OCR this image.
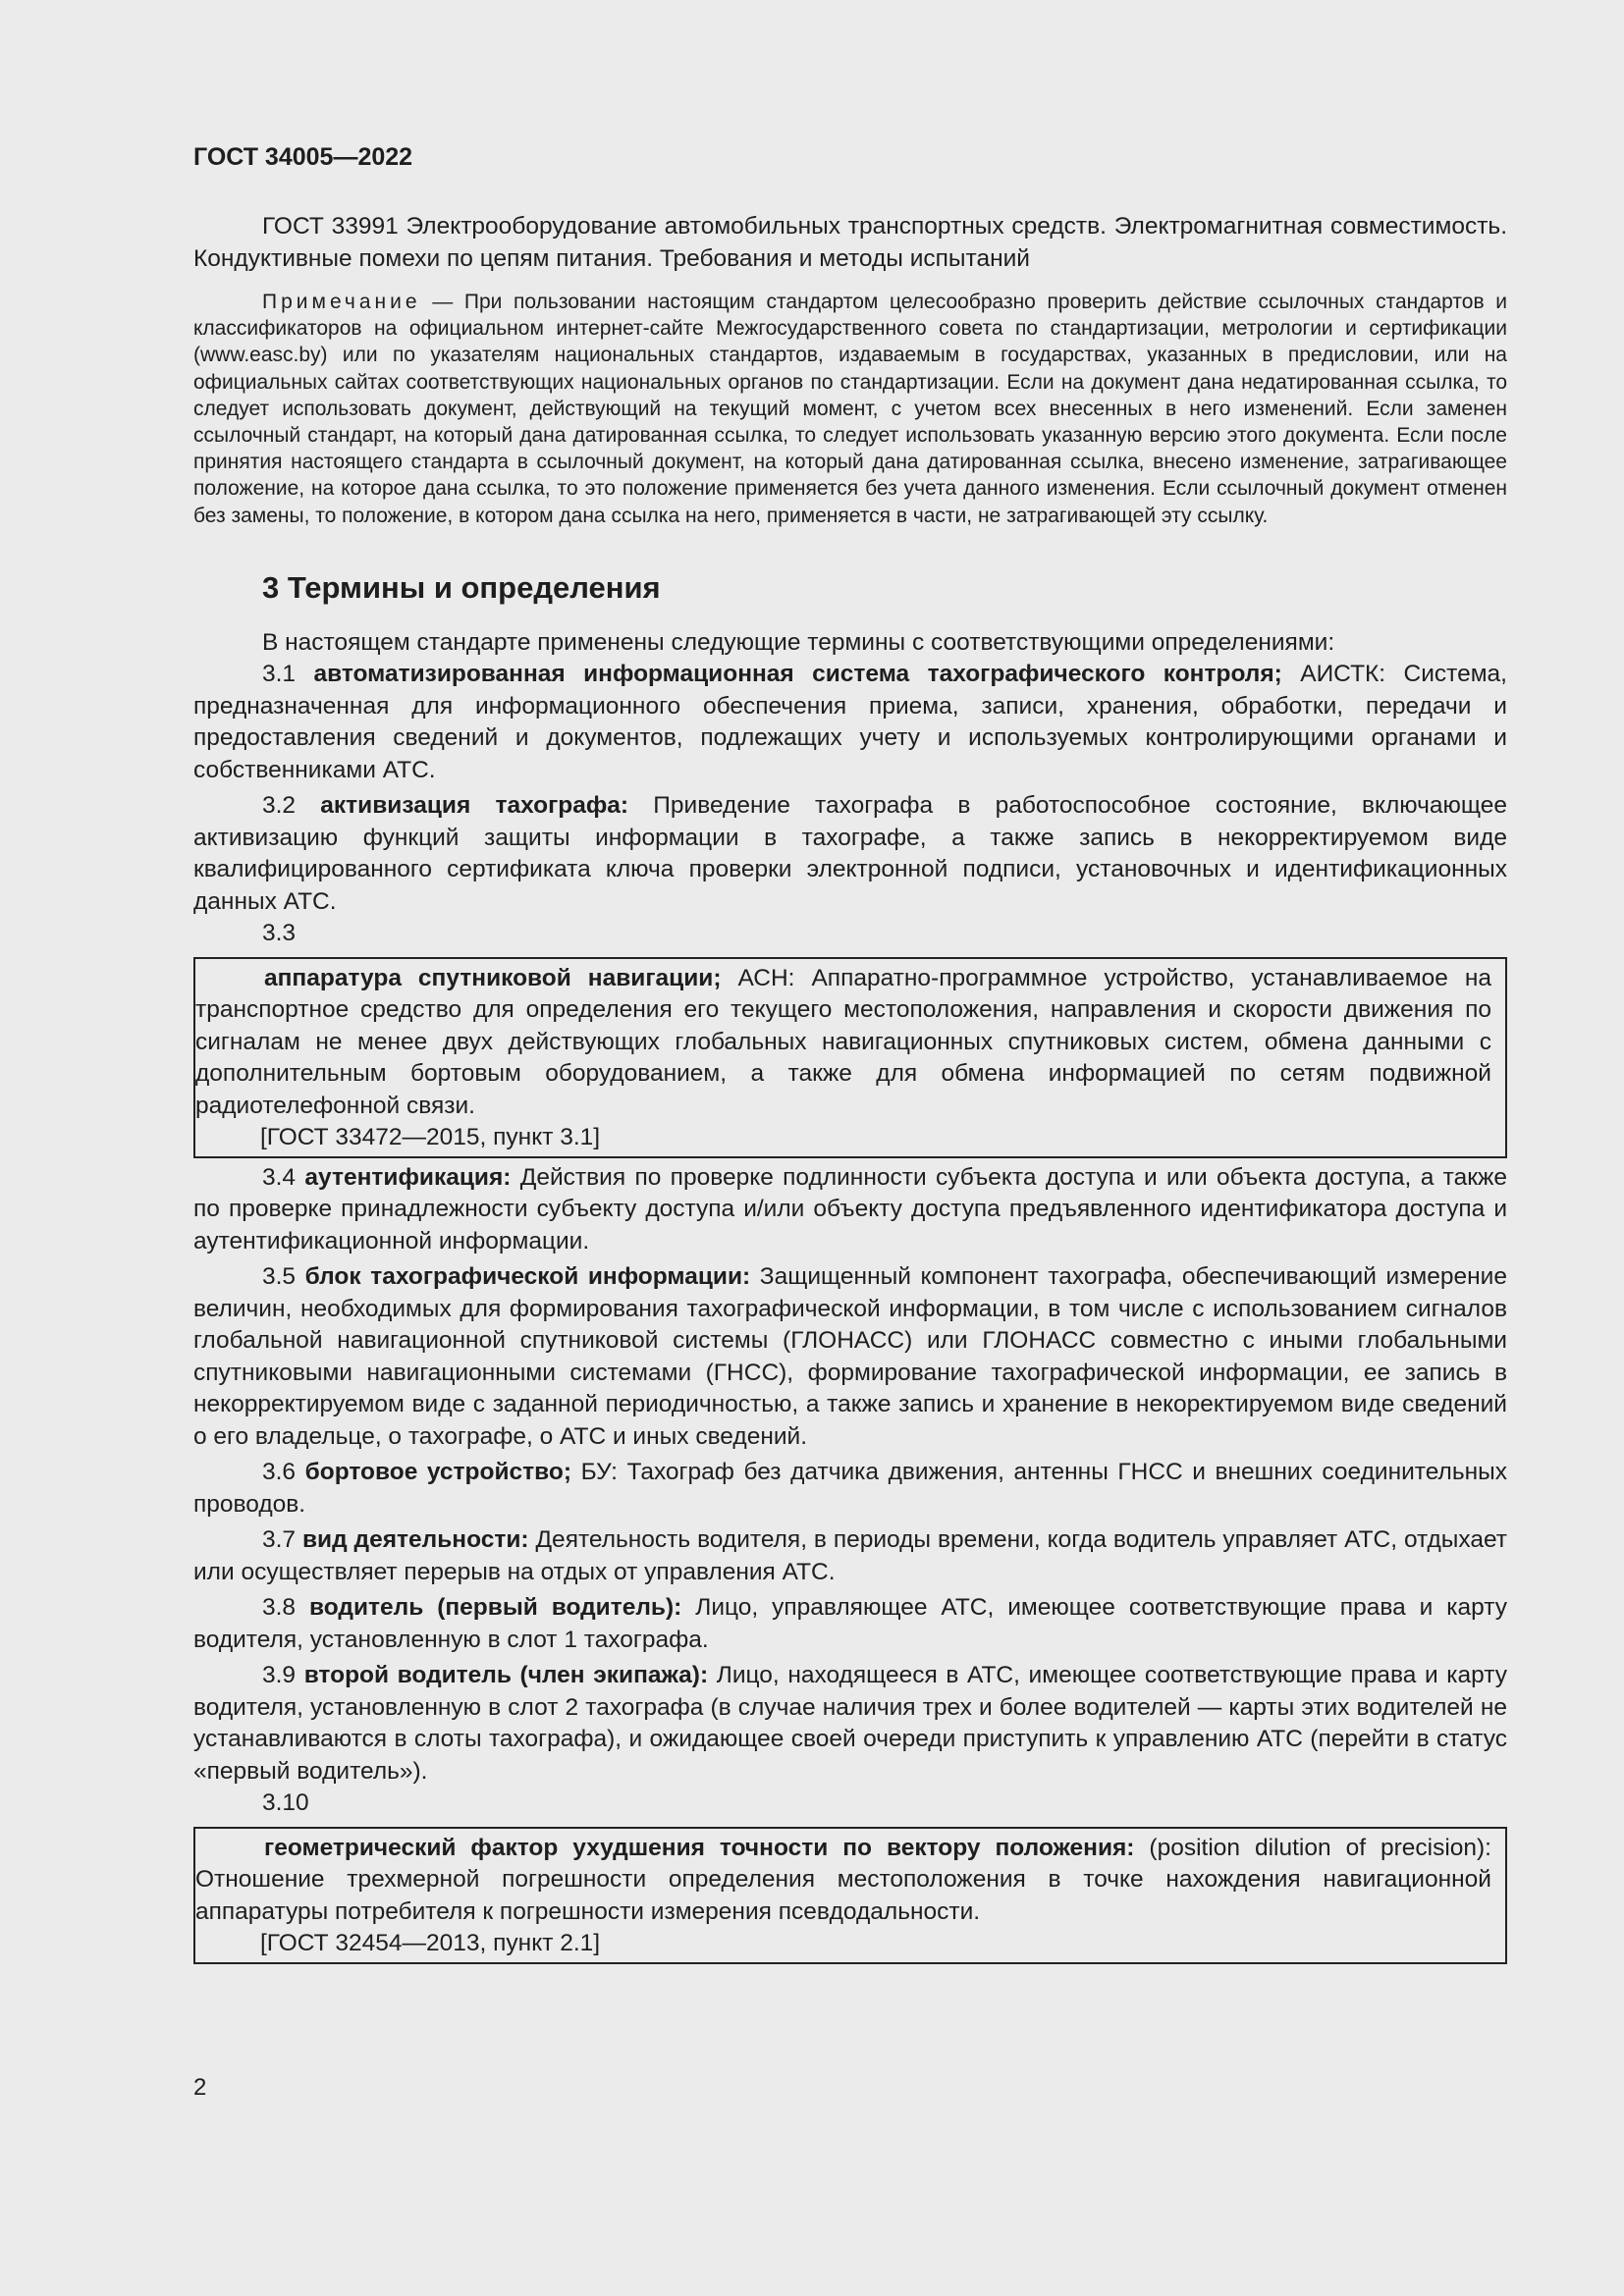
ГОСТ 34005—2022

ГОСТ 33991 Электрооборудование автомобильных транспортных средств. Электромагнитная совместимость. Кондуктивные помехи по цепям питания. Требования и методы испытаний

Примечание — При пользовании настоящим стандартом целесообразно проверить действие ссылочных стандартов и классификаторов на официальном интернет-сайте Межгосударственного совета по стандартизации, метрологии и сертификации (www.easc.by) или по указателям национальных стандартов, издаваемым в государствах, указанных в предисловии, или на официальных сайтах соответствующих национальных органов по стандартизации. Если на документ дана недатированная ссылка, то следует использовать документ, действующий на текущий момент, с учетом всех внесенных в него изменений. Если заменен ссылочный стандарт, на который дана датированная ссылка, то следует использовать указанную версию этого документа. Если после принятия настоящего стандарта в ссылочный документ, на который дана датированная ссылка, внесено изменение, затрагивающее положение, на которое дана ссылка, то это положение применяется без учета данного изменения. Если ссылочный документ отменен без замены, то положение, в котором дана ссылка на него, применяется в части, не затрагивающей эту ссылку.

3 Термины и определения

В настоящем стандарте применены следующие термины с соответствующими определениями:

3.1 автоматизированная информационная система тахографического контроля; АИСТК: Система, предназначенная для информационного обеспечения приема, записи, хранения, обработки, передачи и предоставления сведений и документов, подлежащих учету и используемых контролирующими органами и собственниками АТС.

3.2 активизация тахографа: Приведение тахографа в работоспособное состояние, включающее активизацию функций защиты информации в тахографе, а также запись в некорректируемом виде квалифицированного сертификата ключа проверки электронной подписи, установочных и идентификационных данных АТС.

3.3

аппаратура спутниковой навигации; АСН: Аппаратно-программное устройство, устанавливаемое на транспортное средство для определения его текущего местоположения, направления и скорости движения по сигналам не менее двух действующих глобальных навигационных спутниковых систем, обмена данными с дополнительным бортовым оборудованием, а также для обмена информацией по сетям подвижной радиотелефонной связи.

[ГОСТ 33472—2015, пункт 3.1]

3.4 аутентификация: Действия по проверке подлинности субъекта доступа и или объекта доступа, а также по проверке принадлежности субъекту доступа и/или объекту доступа предъявленного идентификатора доступа и аутентификационной информации.

3.5 блок тахографической информации: Защищенный компонент тахографа, обеспечивающий измерение величин, необходимых для формирования тахографической информации, в том числе с использованием сигналов глобальной навигационной спутниковой системы (ГЛОНАСС) или ГЛОНАСС совместно с иными глобальными спутниковыми навигационными системами (ГНСС), формирование тахографической информации, ее запись в некорректируемом виде с заданной периодичностью, а также запись и хранение в некоректируемом виде сведений о его владельце, о тахографе, о АТС и иных сведений.

3.6 бортовое устройство; БУ: Тахограф без датчика движения, антенны ГНСС и внешних соединительных проводов.

3.7 вид деятельности: Деятельность водителя, в периоды времени, когда водитель управляет АТС, отдыхает или осуществляет перерыв на отдых от управления АТС.

3.8 водитель (первый водитель): Лицо, управляющее АТС, имеющее соответствующие права и карту водителя, установленную в слот 1 тахографа.

3.9 второй водитель (член экипажа): Лицо, находящееся в АТС, имеющее соответствующие права и карту водителя, установленную в слот 2 тахографа (в случае наличия трех и более водителей — карты этих водителей не устанавливаются в слоты тахографа), и ожидающее своей очереди приступить к управлению АТС (перейти в статус «первый водитель»).

3.10

геометрический фактор ухудшения точности по вектору положения: (position dilution of precision): Отношение трехмерной погрешности определения местоположения в точке нахождения навигационной аппаратуры потребителя к погрешности измерения псевдодальности.

[ГОСТ 32454—2013, пункт 2.1]

2
